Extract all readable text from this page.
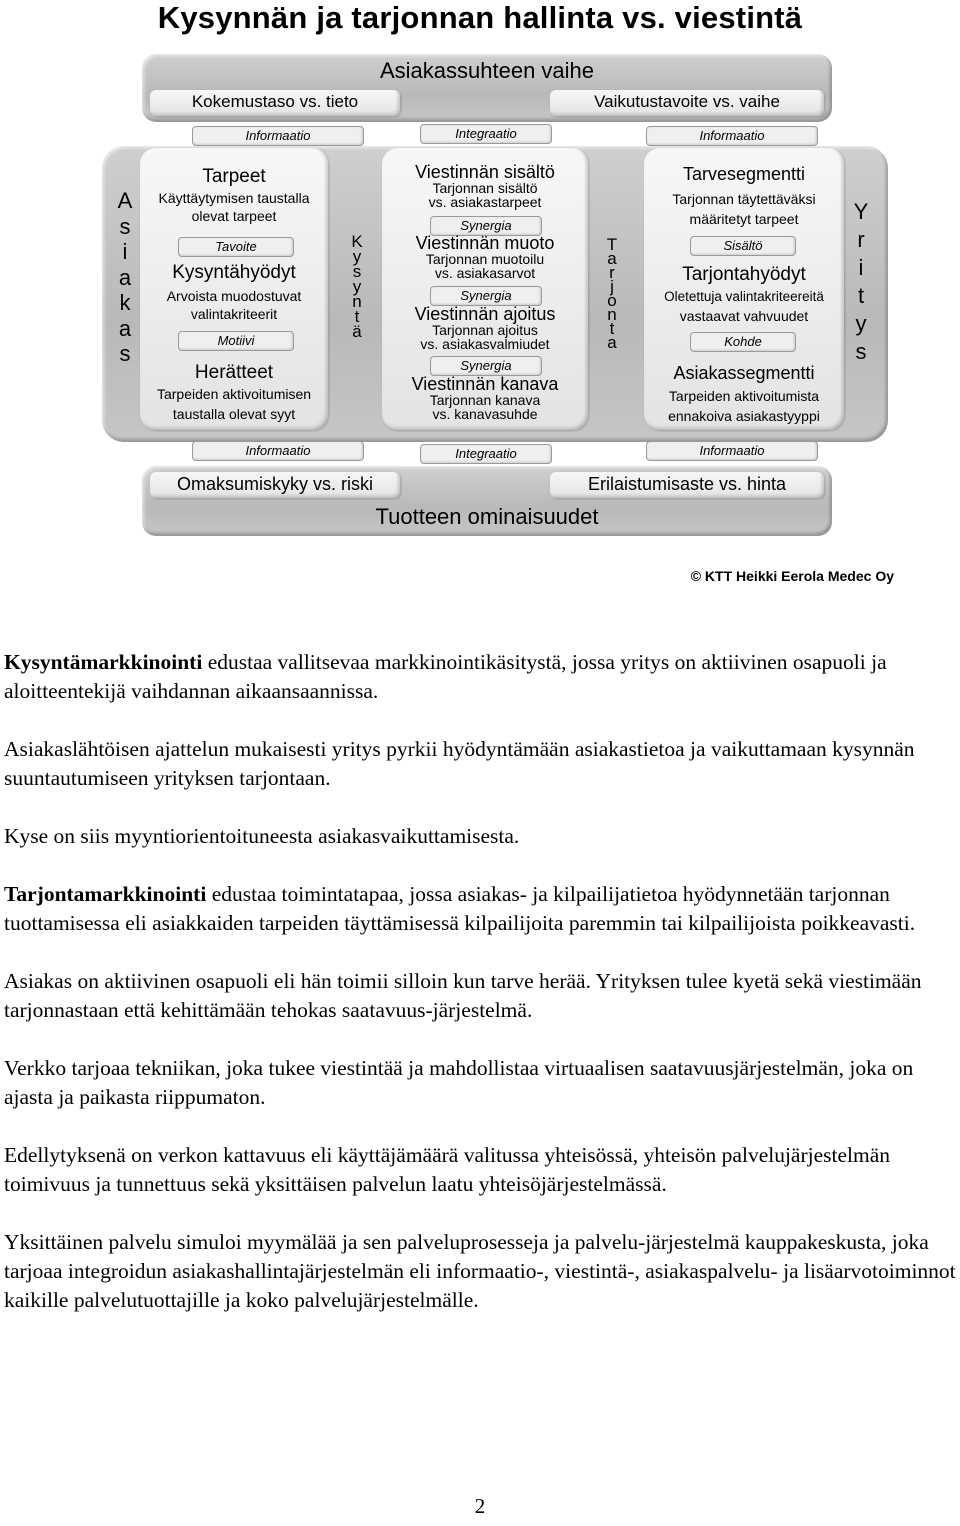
Kysynnän ja tarjonnan hallinta vs. viestintä
Asiakassuhteen vaihe
Kokemustaso vs. tieto	Vaikutustavoite vs. vaihe
Informaatio	Integraatio	Informaatio
A
s
i
a
k
a
s
Tarpeet
Käyttäytymisen taustalla
olevat tarpeet
Tavoite
Kysyntähyödyt
Arvoista muodostuvat
valintakriteerit
Motiivi
Herätteet
Tarpeiden aktivoitumisen
taustalla olevat syyt
K
y
s
y
n
t
ä
Viestinnän sisältö
Tarjonnan sisältö
vs. asiakastarpeet
Synergia
Viestinnän muoto
Tarjonnan muotoilu
vs. asiakasarvot
Synergia
Viestinnän ajoitus
Tarjonnan ajoitus
vs. asiakasvalmiudet
Synergia
Viestinnän kanava
Tarjonnan kanava
vs. kanavasuhde
T
a
r
j
o
n
t
a
Tarvesegmentti
Tarjonnan täytettäväksi
määritetyt tarpeet
Sisältö
Tarjontahyödyt
Oletettuja valintakriteereitä
vastaavat vahvuudet
Kohde
Asiakassegmentti
Tarpeiden aktivoitumista
ennakoiva asiakastyyppi
Y
r
i
t
y
s
Informaatio	Integraatio	Informaatio
Omaksumiskyky vs. riski	Erilaistumisaste vs. hinta
Tuotteen ominaisuudet
© KTT Heikki Eerola Medec Oy

Kysyntämarkkinointi edustaa vallitsevaa markkinointikäsitystä, jossa yritys on aktiivinen osapuoli ja aloitteentekijä vaihdannan aikaansaannissa.

Asiakaslähtöisen ajattelun mukaisesti yritys pyrkii hyödyntämään asiakastietoa ja vaikuttamaan kysynnän suuntautumiseen yrityksen tarjontaan.

Kyse on siis myyntiorientoituneesta asiakasvaikuttamisesta.

Tarjontamarkkinointi edustaa toimintatapaa, jossa asiakas- ja kilpailijatietoa hyödynnetään tarjonnan tuottamisessa eli asiakkaiden tarpeiden täyttämisessä kilpailijoita paremmin tai kilpailijoista poikkeavasti.

Asiakas on aktiivinen osapuoli eli hän toimii silloin kun tarve herää. Yrityksen tulee kyetä sekä viestimään tarjonnastaan että kehittämään tehokas saatavuus-järjestelmä.

Verkko tarjoaa tekniikan, joka tukee viestintää ja mahdollistaa virtuaalisen saatavuusjärjestelmän, joka on ajasta ja paikasta riippumaton.

Edellytyksenä on verkon kattavuus eli käyttäjämäärä valitussa yhteisössä, yhteisön palvelujärjestelmän toimivuus ja tunnettuus sekä yksittäisen palvelun laatu yhteisöjärjestelmässä.

Yksittäinen palvelu simuloi myymälää ja sen palveluprosesseja ja palvelu-järjestelmä kauppakeskusta, joka tarjoaa integroidun asiakashallintajärjestelmän eli informaatio-, viestintä-, asiakaspalvelu- ja lisäarvotoiminnot kaikille palvelutuottajille ja koko palvelujärjestelmälle.

2
